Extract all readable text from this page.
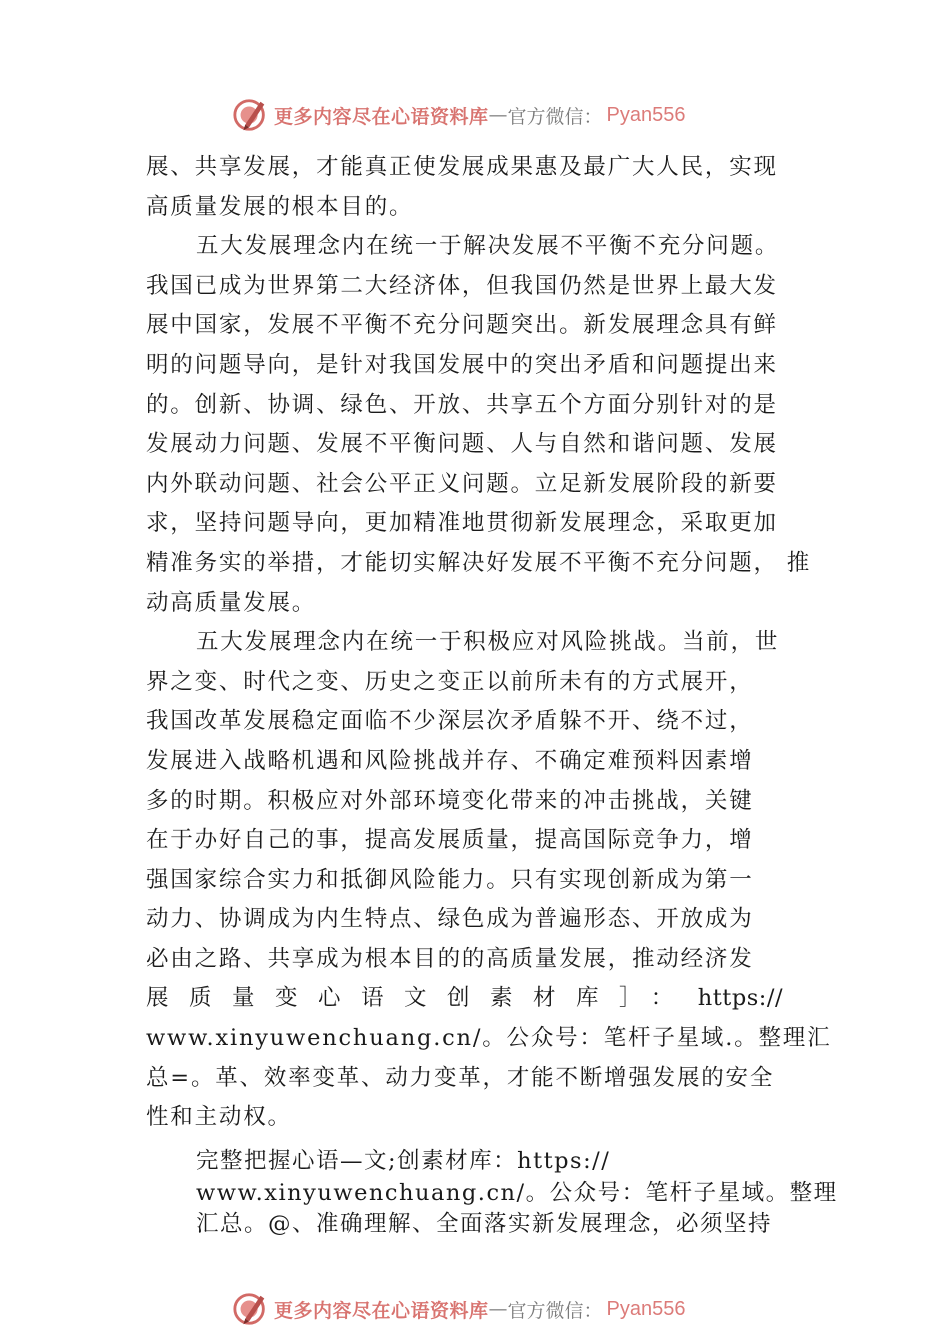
更多内容尽在心语资料库 — 官方微信： Pyan556
展、共享发展，才能真正使发展成果惠及最广大人民，实现
高质量发展的根本目的。
五大发展理念内在统一于解决发展不平衡不充分问题。
我国已成为世界第二大经济体，但我国仍然是世界上最大发
展中国家，发展不平衡不充分问题突出。新发展理念具有鲜
明的问题导向，是针对我国发展中的突出矛盾和问题提出来
的。创新、协调、绿色、开放、共享五个方面分别针对的是
发展动力问题、发展不平衡问题、人与自然和谐问题、发展
内外联动问题、社会公平正义问题。立足新发展阶段的新要
求，坚持问题导向，更加精准地贯彻新发展理念，采取更加
精准务实的举措，才能切实解决好发展不平衡不充分问题， 推
动高质量发展。
五大发展理念内在统一于积极应对风险挑战。当前，世
界之变、时代之变、历史之变正以前所未有的方式展开，
我国改革发展稳定面临不少深层次矛盾躲不开、绕不过，
发展进入战略机遇和风险挑战并存、不确定难预料因素增
多的时期。积极应对外部环境变化带来的冲击挑战，关键
在于办好自己的事，提高发展质量，提高国际竞争力，增
强国家综合实力和抵御风险能力。只有实现创新成为第一
动力、协调成为内生特点、绿色成为普遍形态、开放成为
必由之路、共享成为根本目的的高质量发展，推动经济发
展质量变心语文创素材库］： https://
www.xinyuwenchuang.cn/。公众号：笔杆子星域.。整理汇
总=。革、效率变革、动力变革，才能不断增强发展的安全
性和主动权。
完整把握心语—文;创素材库：https://
www.xinyuwenchuang.cn/。公众号：笔杆子星域。整理
汇总。@、准确理解、全面落实新发展理念，必须坚持
更多内容尽在心语资料库 — 官方微信： Pyan556
